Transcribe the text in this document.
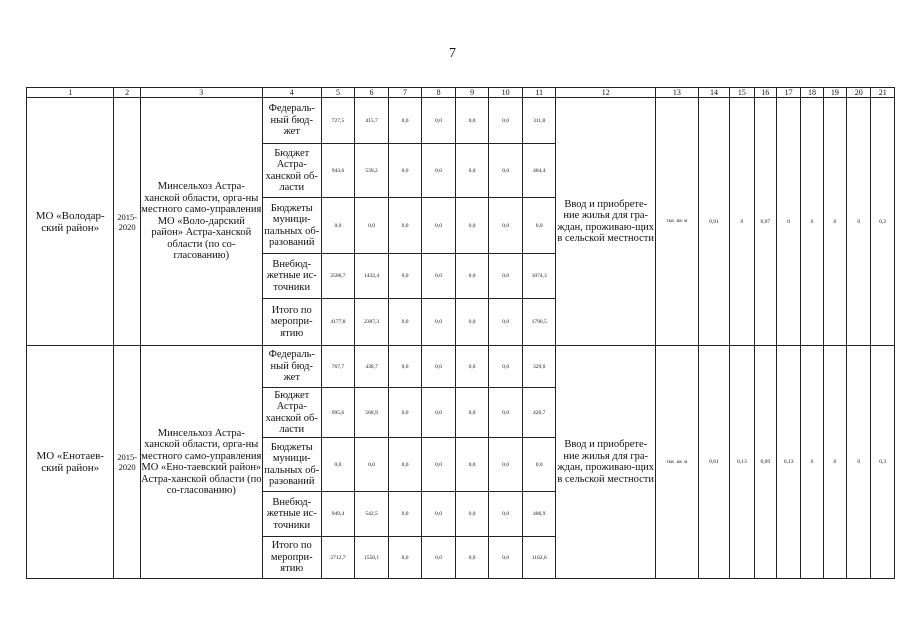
7
1	2	3	4	5	6	7	8	9	10	11	12	13	14	15	16	17	18	19	20	21
МО «Володар-ский район»	2015-2020	Минсельхоз Астра-ханской области, орга-ны местного само-управления МО «Воло-дарский район» Астра-ханской области (по со-гласованию)	Федераль-ный бюд-жет	727,5	415,7	0,0	0,0	0,0	0,0	311,8	Ввод и приобрете-ние жилья для гра-ждан, проживаю-щих в сельской местности	тыс. кв. м	0,91	0	0,07	0	0	0	0	0,2
			Бюджет Астра-ханской об-ласти	943,6	539,2	0,0	0,0	0,0	0,0	404,4										
			Бюджеты муници-пальных об-разований	0,0	0,0	0,0	0,0	0,0	0,0	0,0										
			Внебюд-жетные ис-точники	2506,7	1432,4	0,0	0,0	0,0	0,0	1074,3										
			Итого по меропри-ятию	4177,8	2387,3	0,0	0,0	0,0	0,0	1790,5										
МО «Енотаев-ский район»	2015-2020	Минсельхоз Астра-ханской области, орга-ны местного само-управления МО «Ено-таевский район» Астра-ханской области (по со-гласованию)	Федераль-ный бюд-жет	767,7	438,7	0,0	0,0	0,0	0,0	329,0	Ввод и приобрете-ние жилья для гра-ждан, проживаю-щих в сельской местности	тыс. кв. м	0,61	0,13	0,09	0,13	0	0	0	0,3
			Бюджет Астра-ханской об-ласти	995,6	568,9	0,0	0,0	0,0	0,0	426,7										
			Бюджеты муници-пальных об-разований	0,0	0,0	0,0	0,0	0,0	0,0	0,0										
			Внебюд-жетные ис-точники	949,4	542,5	0,0	0,0	0,0	0,0	406,9										
			Итого по меропри-ятию	2712,7	1550,1	0,0	0,0	0,0	0,0	1162,6										
